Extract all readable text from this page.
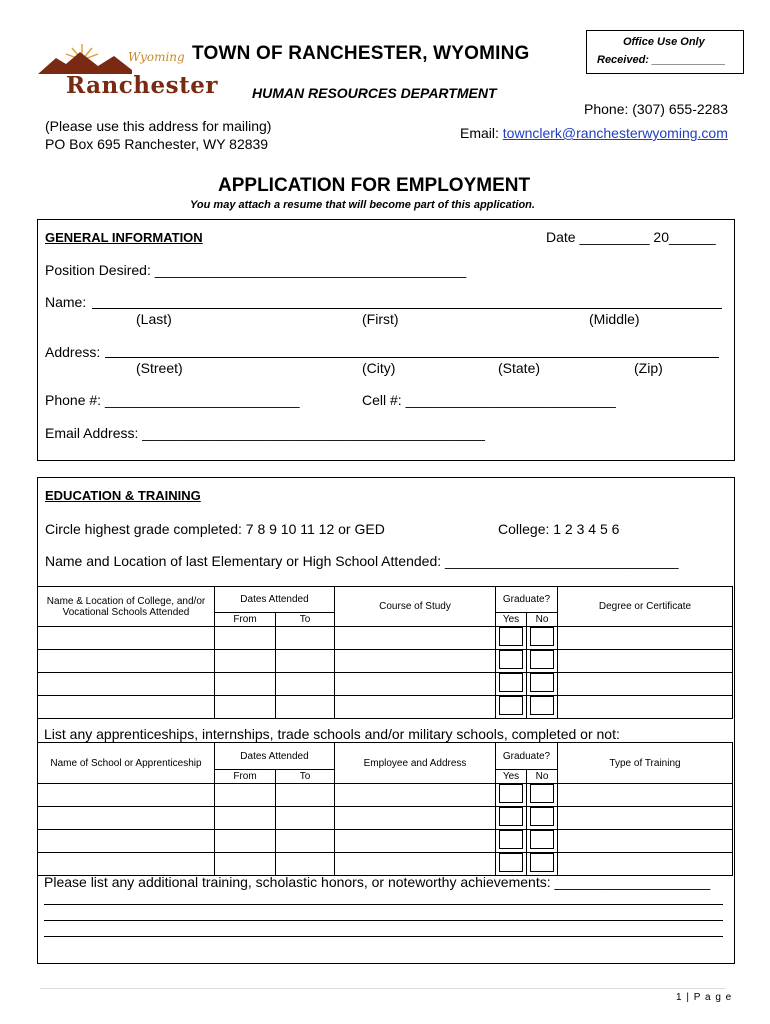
Wyoming
Ranchester
TOWN OF RANCHESTER, WYOMING
HUMAN RESOURCES DEPARTMENT
Office Use Only
Received: ____________
(Please use this address for mailing)
PO Box 695 Ranchester, WY 82839
Phone: (307) 655-2283
Email: townclerk@ranchesterwyoming.com
APPLICATION FOR EMPLOYMENT
You may attach a resume that will become part of this application.
GENERAL INFORMATION	Date _________ 20______
Position Desired: ________________________________________
Name:
(Last)	(First)	(Middle)
Address:
(Street)	(City)	(State)	(Zip)
Phone #: _________________________	Cell #: ___________________________
Email Address: ____________________________________________
EDUCATION & TRAINING
Circle highest grade completed: 7 8 9 10 11 12 or GED	College: 1 2 3 4 5 6
Name and Location of last Elementary or High School Attended: ______________________________
Name & Location of College, and/or Vocational Schools Attended	Dates Attended		Course of Study	Graduate?		Degree or Certificate
	From	To		Yes	No	

List any apprenticeships, internships, trade schools and/or military schools, completed or not:
Name of School or Apprenticeship	Dates Attended		Employee and Address	Graduate?		Type of Training
	From	To		Yes	No	

Please list any additional training, scholastic honors, or noteworthy achievements: ____________________
1 | P a g e
